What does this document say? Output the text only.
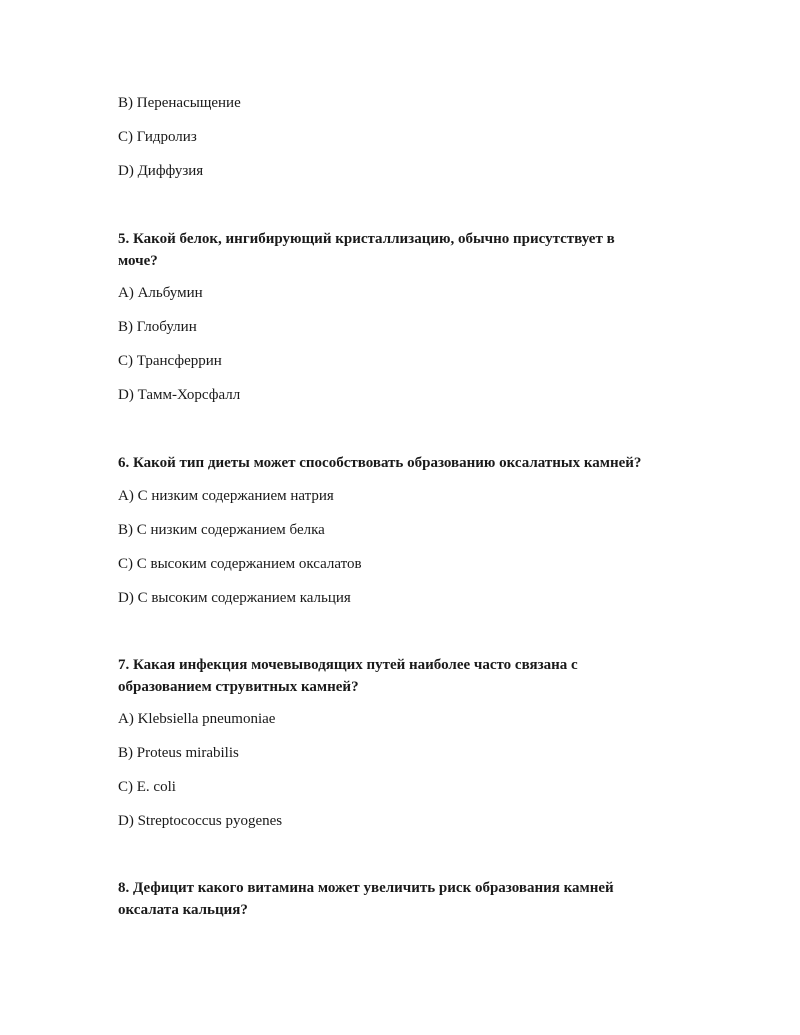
B) Перенасыщение
C) Гидролиз
D) Диффузия
5. Какой белок, ингибирующий кристаллизацию, обычно присутствует в
моче?
A) Альбумин
B) Глобулин
C) Трансферрин
D) Тамм-Хорсфалл
6. Какой тип диеты может способствовать образованию оксалатных камней?
A) С низким содержанием натрия
B) С низким содержанием белка
C) С высоким содержанием оксалатов
D) С высоким содержанием кальция
7. Какая инфекция мочевыводящих путей наиболее часто связана с
образованием струвитных камней?
A) Klebsiella pneumoniae
B) Proteus mirabilis
C) E. coli
D) Streptococcus pyogenes
8. Дефицит какого витамина может увеличить риск образования камней
оксалата кальция?
